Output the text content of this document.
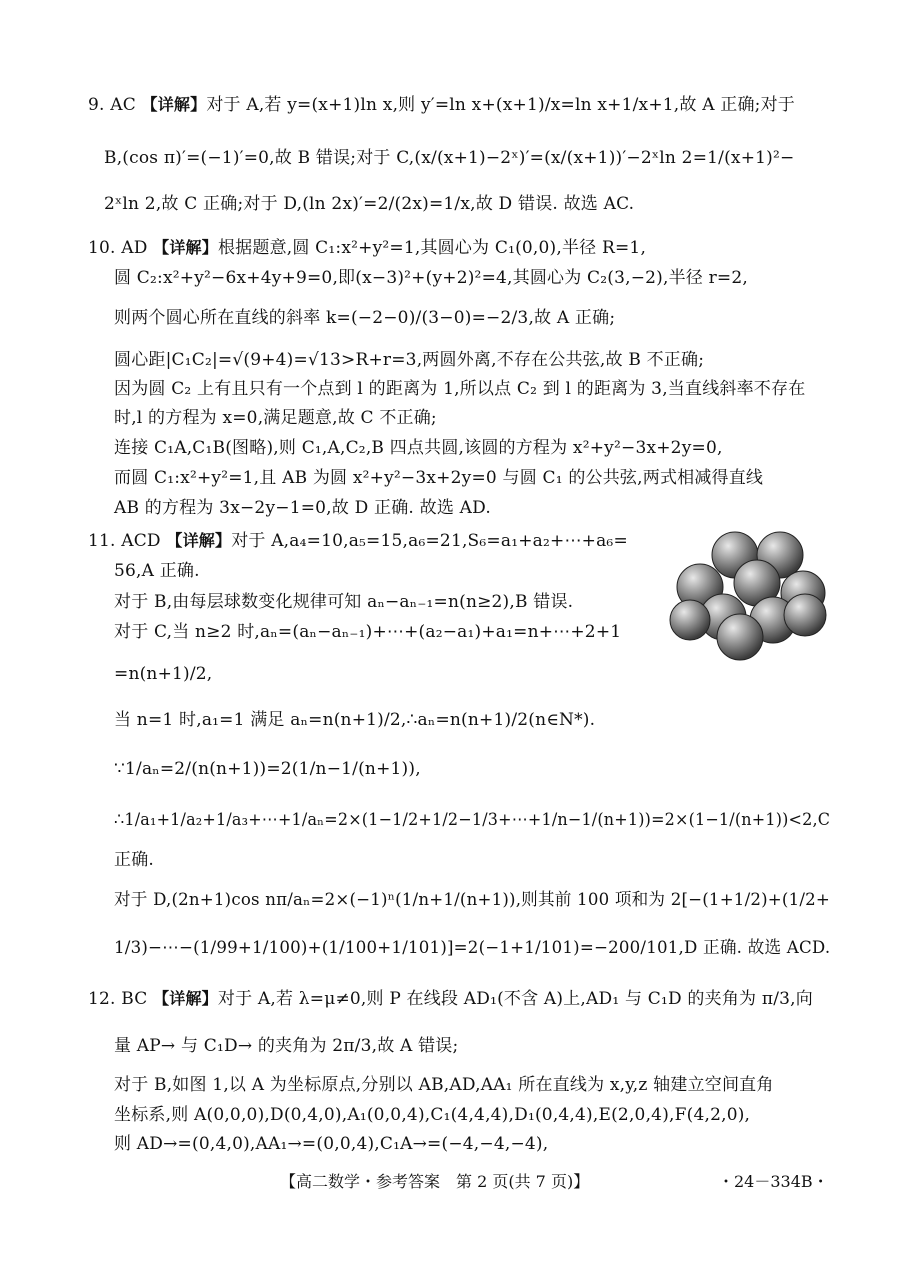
9. AC 【详解】对于 A,若 y=(x+1)ln x,则 y′=ln x+(x+1)/x=ln x+1/x+1,故 A 正确;对于
B,(cos π)′=(−1)′=0,故 B 错误;对于 C,(x/(x+1)−2ˣ)′=(x/(x+1))′−2ˣln 2=1/(x+1)²−
2ˣln 2,故 C 正确;对于 D,(ln 2x)′=2/(2x)=1/x,故 D 错误. 故选 AC.
10. AD 【详解】根据题意,圆 C₁:x²+y²=1,其圆心为 C₁(0,0),半径 R=1,
圆 C₂:x²+y²−6x+4y+9=0,即(x−3)²+(y+2)²=4,其圆心为 C₂(3,−2),半径 r=2,
则两个圆心所在直线的斜率 k=(−2−0)/(3−0)=−2/3,故 A 正确;
圆心距|C₁C₂|=√(9+4)=√13>R+r=3,两圆外离,不存在公共弦,故 B 不正确;
因为圆 C₂ 上有且只有一个点到 l 的距离为 1,所以点 C₂ 到 l 的距离为 3,当直线斜率不存在
时,l 的方程为 x=0,满足题意,故 C 不正确;
连接 C₁A,C₁B(图略),则 C₁,A,C₂,B 四点共圆,该圆的方程为 x²+y²−3x+2y=0,
而圆 C₁:x²+y²=1,且 AB 为圆 x²+y²−3x+2y=0 与圆 C₁ 的公共弦,两式相减得直线
AB 的方程为 3x−2y−1=0,故 D 正确. 故选 AD.
11. ACD 【详解】对于 A,a₄=10,a₅=15,a₆=21,S₆=a₁+a₂+⋯+a₆=
56,A 正确.
对于 B,由每层球数变化规律可知 aₙ−aₙ₋₁=n(n≥2),B 错误.
对于 C,当 n≥2 时,aₙ=(aₙ−aₙ₋₁)+⋯+(a₂−a₁)+a₁=n+⋯+2+1
=n(n+1)/2,
当 n=1 时,a₁=1 满足 aₙ=n(n+1)/2,∴aₙ=n(n+1)/2(n∈N*).
∵1/aₙ=2/(n(n+1))=2(1/n−1/(n+1)),
∴1/a₁+1/a₂+1/a₃+⋯+1/aₙ=2×(1−1/2+1/2−1/3+⋯+1/n−1/(n+1))=2×(1−1/(n+1))<2,C
正确.
对于 D,(2n+1)cos nπ/aₙ=2×(−1)ⁿ(1/n+1/(n+1)),则其前 100 项和为 2[−(1+1/2)+(1/2+
1/3)−⋯−(1/99+1/100)+(1/100+1/101)]=2(−1+1/101)=−200/101,D 正确. 故选 ACD.
12. BC 【详解】对于 A,若 λ=μ≠0,则 P 在线段 AD₁(不含 A)上,AD₁ 与 C₁D 的夹角为 π/3,向
量 AP→ 与 C₁D→ 的夹角为 2π/3,故 A 错误;
对于 B,如图 1,以 A 为坐标原点,分别以 AB,AD,AA₁ 所在直线为 x,y,z 轴建立空间直角
坐标系,则 A(0,0,0),D(0,4,0),A₁(0,0,4),C₁(4,4,4),D₁(0,4,4),E(2,0,4),F(4,2,0),
则 AD→=(0,4,0),AA₁→=(0,0,4),C₁A→=(−4,−4,−4),
【高二数学・参考答案　第 2 页(共 7 页)】	・24－334B・
